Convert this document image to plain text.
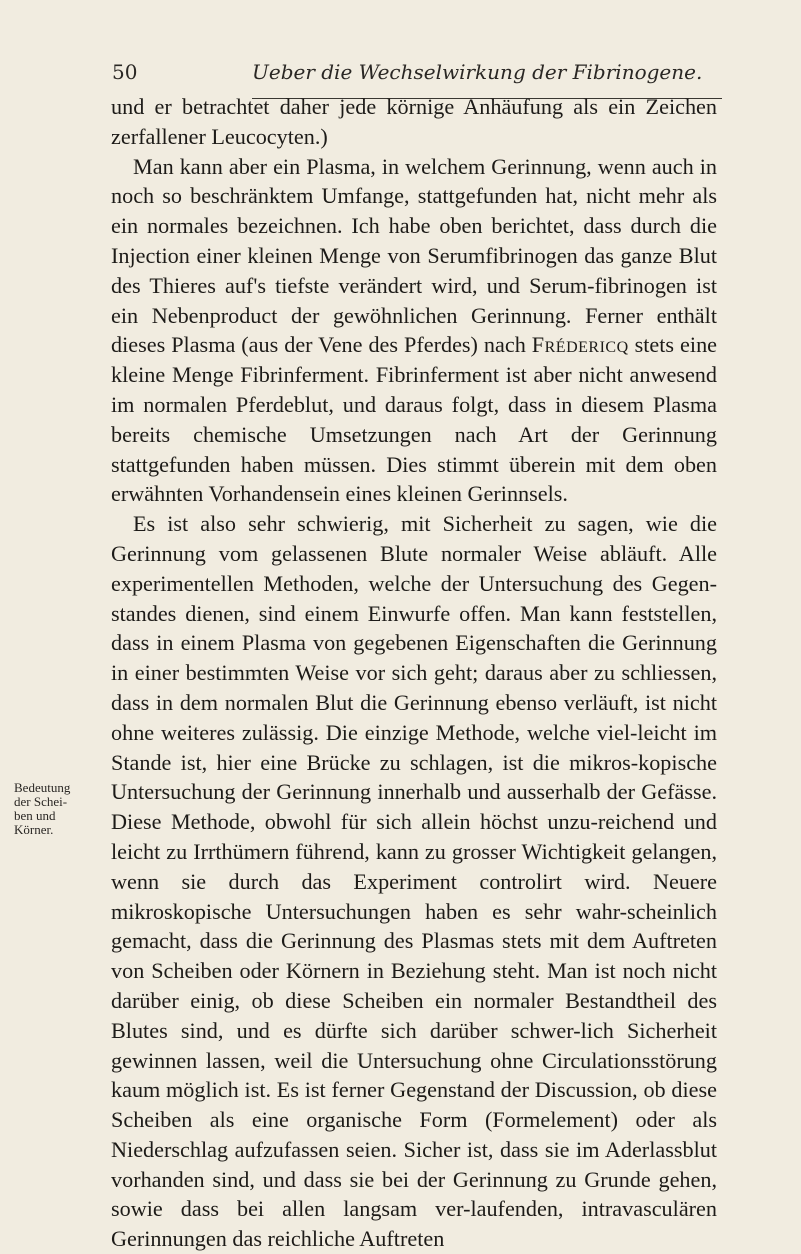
50	Ueber die Wechselwirkung der Fibrinogene.
Bedeutung
der Schei-
ben und
Körner.

und er betrachtet daher jede körnige Anhäufung als ein Zeichen zerfallener Leucocyten.)

Man kann aber ein Plasma, in welchem Gerinnung, wenn auch in noch so beschränktem Umfange, stattgefunden hat, nicht mehr als ein normales bezeichnen. Ich habe oben berichtet, dass durch die Injection einer kleinen Menge von Serumfibrinogen das ganze Blut des Thieres auf's tiefste verändert wird, und Serum-fibrinogen ist ein Nebenproduct der gewöhnlichen Gerinnung. Ferner enthält dieses Plasma (aus der Vene des Pferdes) nach Frédericq stets eine kleine Menge Fibrinferment. Fibrinferment ist aber nicht anwesend im normalen Pferdeblut, und daraus folgt, dass in diesem Plasma bereits chemische Umsetzungen nach Art der Gerinnung stattgefunden haben müssen. Dies stimmt überein mit dem oben erwähnten Vorhandensein eines kleinen Gerinnsels.

Es ist also sehr schwierig, mit Sicherheit zu sagen, wie die Gerinnung vom gelassenen Blute normaler Weise abläuft. Alle experimentellen Methoden, welche der Untersuchung des Gegen-standes dienen, sind einem Einwurfe offen. Man kann feststellen, dass in einem Plasma von gegebenen Eigenschaften die Gerinnung in einer bestimmten Weise vor sich geht; daraus aber zu schliessen, dass in dem normalen Blut die Gerinnung ebenso verläuft, ist nicht ohne weiteres zulässig. Die einzige Methode, welche viel-leicht im Stande ist, hier eine Brücke zu schlagen, ist die mikros-kopische Untersuchung der Gerinnung innerhalb und ausserhalb der Gefässe. Diese Methode, obwohl für sich allein höchst unzu-reichend und leicht zu Irrthümern führend, kann zu grosser Wichtigkeit gelangen, wenn sie durch das Experiment controlirt wird. Neuere mikroskopische Untersuchungen haben es sehr wahr-scheinlich gemacht, dass die Gerinnung des Plasmas stets mit dem Auftreten von Scheiben oder Körnern in Beziehung steht. Man ist noch nicht darüber einig, ob diese Scheiben ein normaler Bestandtheil des Blutes sind, und es dürfte sich darüber schwer-lich Sicherheit gewinnen lassen, weil die Untersuchung ohne Circulationsstörung kaum möglich ist. Es ist ferner Gegenstand der Discussion, ob diese Scheiben als eine organische Form (Formelement) oder als Niederschlag aufzufassen seien. Sicher ist, dass sie im Aderlassblut vorhanden sind, und dass sie bei der Gerinnung zu Grunde gehen, sowie dass bei allen langsam ver-laufenden, intravasculären Gerinnungen das reichliche Auftreten
